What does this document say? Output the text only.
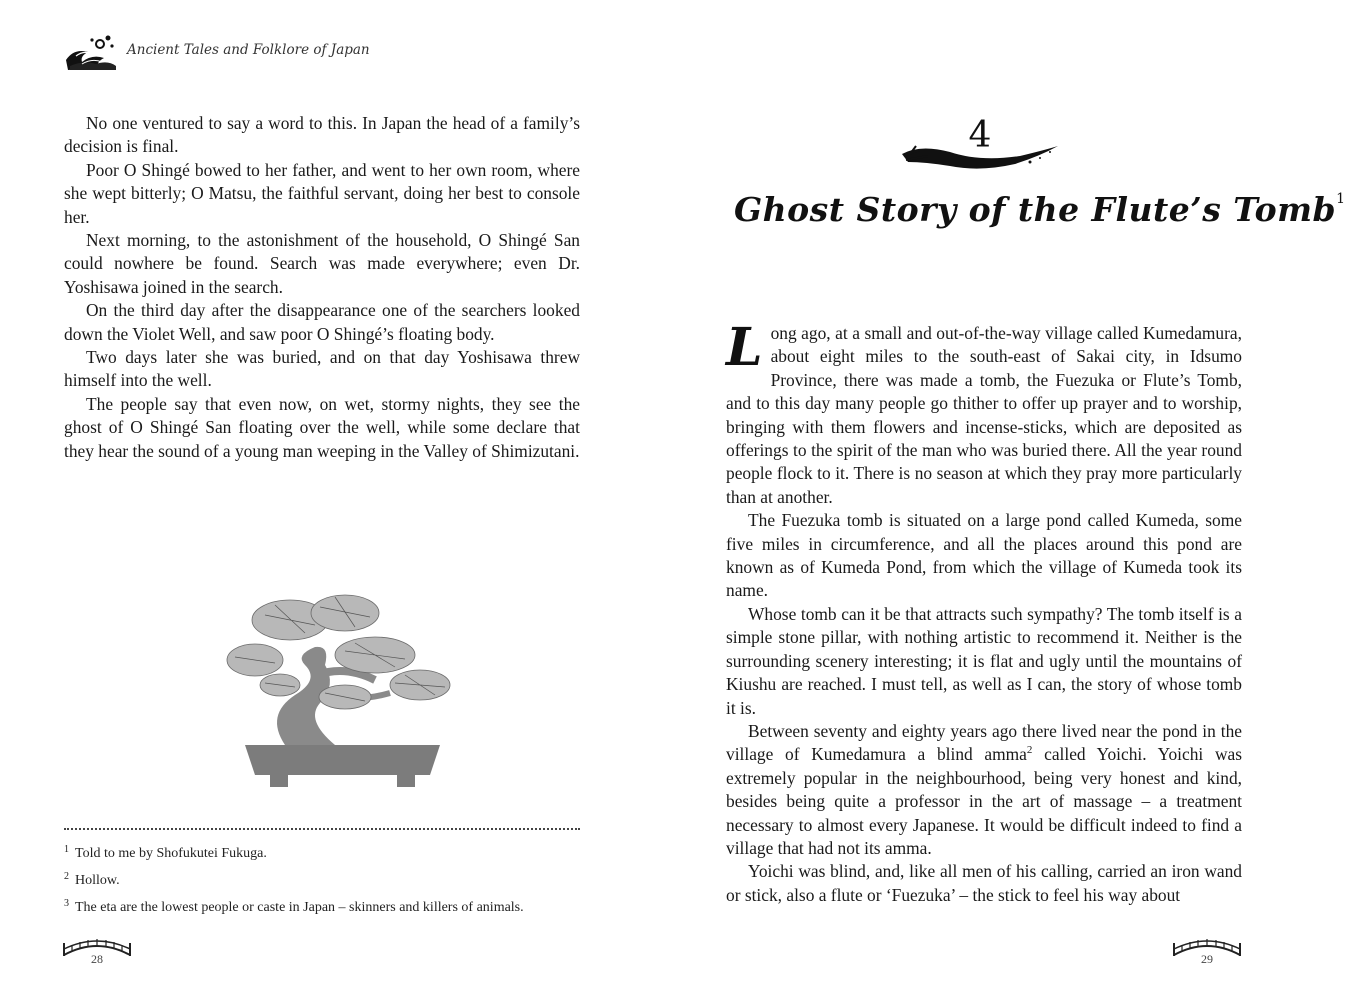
Ancient Tales and Folklore of Japan

No one ventured to say a word to this. In Japan the head of a family’s decision is final.

Poor O Shingé bowed to her father, and went to her own room, where she wept bitterly; O Matsu, the faithful servant, doing her best to console her.

Next morning, to the astonishment of the household, O Shingé San could nowhere be found. Search was made everywhere; even Dr. Yoshisawa joined in the search.

On the third day after the disappearance one of the searchers looked down the Violet Well, and saw poor O Shingé’s floating body.

Two days later she was buried, and on that day Yoshisawa threw himself into the well.

The people say that even now, on wet, stormy nights, they see the ghost of O Shingé San floating over the well, while some declare that they hear the sound of a young man weeping in the Valley of Shimizutani.

$^1$ Told to me by Shofukutei Fukuga.

$^2$ Hollow.

$^3$ The eta are the lowest people or caste in Japan – skinners and killers of animals.

28
4
Ghost Story of the Flute’s Tomb$^1$

Long ago, at a small and out-of-the-way village called Kumedamura, about eight miles to the south-east of Sakai city, in Idsumo Province, there was made a tomb, the Fuezuka or Flute’s Tomb, and to this day many people go thither to offer up prayer and to worship, bringing with them flowers and incense-sticks, which are deposited as offerings to the spirit of the man who was buried there. All the year round people flock to it. There is no season at which they pray more particularly than at another.

The Fuezuka tomb is situated on a large pond called Kumeda, some five miles in circumference, and all the places around this pond are known as of Kumeda Pond, from which the village of Kumeda took its name.

Whose tomb can it be that attracts such sympathy? The tomb itself is a simple stone pillar, with nothing artistic to recommend it. Neither is the surrounding scenery interesting; it is flat and ugly until the mountains of Kiushu are reached. I must tell, as well as I can, the story of whose tomb it is.

Between seventy and eighty years ago there lived near the pond in the village of Kumedamura a blind amma$^2$ called Yoichi. Yoichi was extremely popular in the neighbourhood, being very honest and kind, besides being quite a professor in the art of massage – a treatment necessary to almost every Japanese. It would be difficult indeed to find a village that had not its amma.

Yoichi was blind, and, like all men of his calling, carried an iron wand or stick, also a flute or ‘Fuezuka’ – the stick to feel his way about

29
